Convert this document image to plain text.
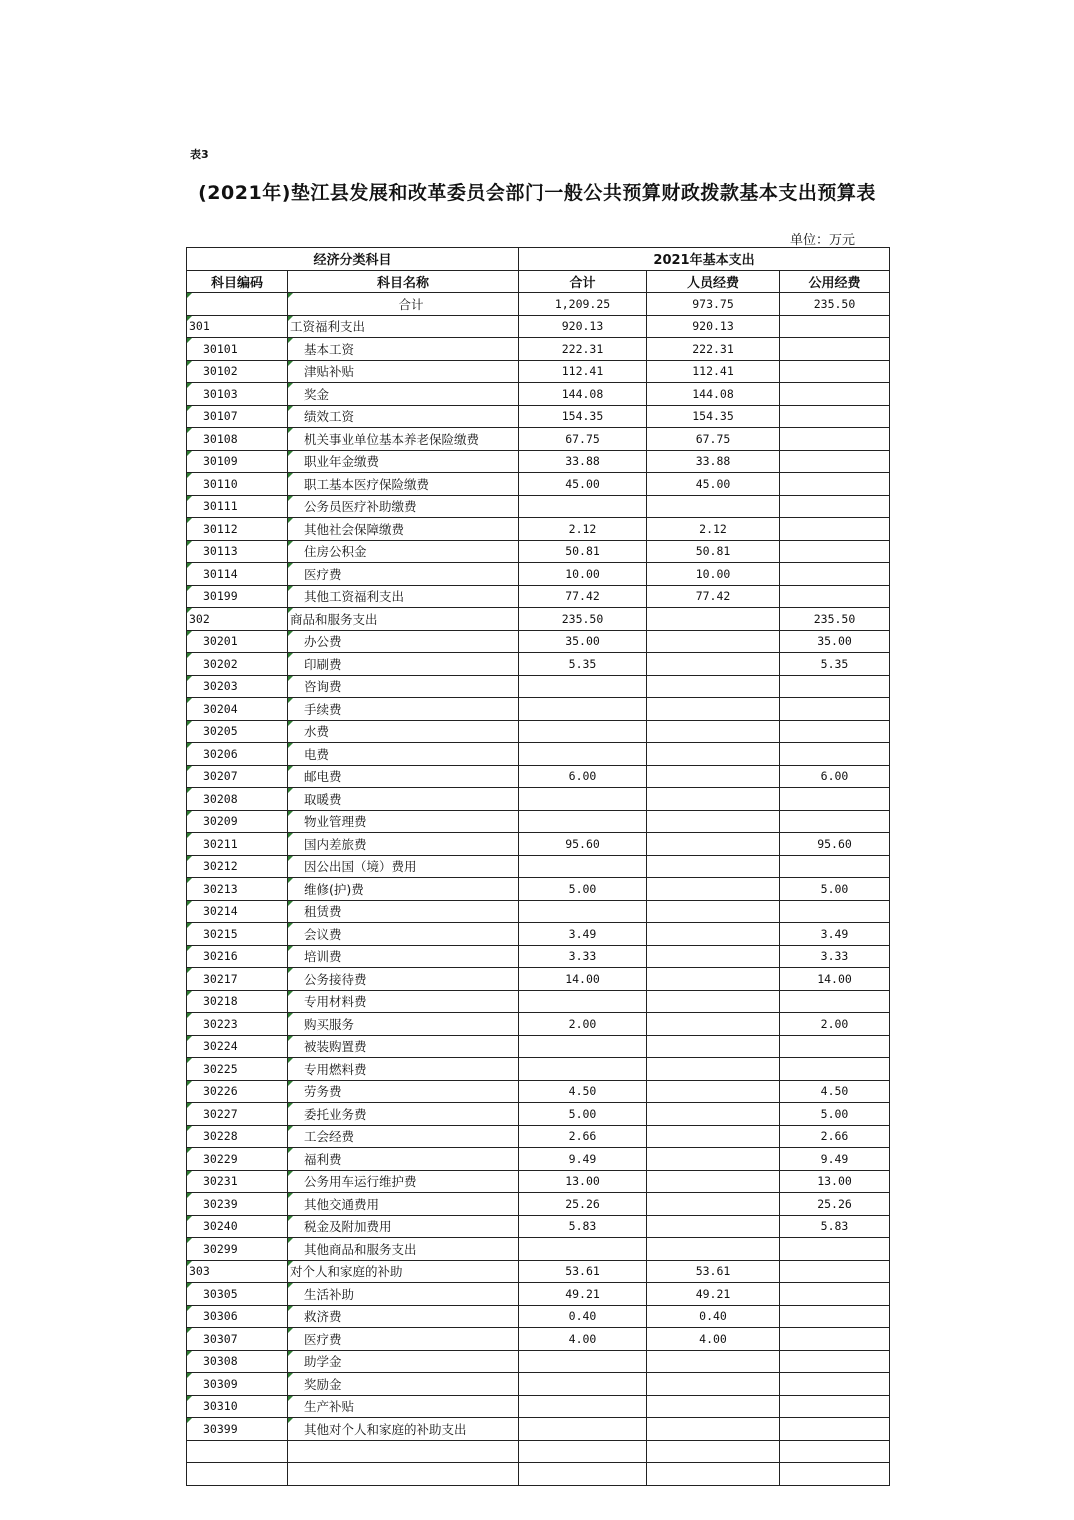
表3
(2021年)垫江县发展和改革委员会部门一般公共预算财政拨款基本支出预算表
单位：万元
经济分类科目		2021年基本支出		
科目编码	科目名称	合计	人员经费	公用经费
	合计	1,209.25	973.75	235.50
301	工资福利支出	920.13	920.13	
30101	基本工资	222.31	222.31	
30102	津贴补贴	112.41	112.41	
30103	奖金	144.08	144.08	
30107	绩效工资	154.35	154.35	
30108	机关事业单位基本养老保险缴费	67.75	67.75	
30109	职业年金缴费	33.88	33.88	
30110	职工基本医疗保险缴费	45.00	45.00	
30111	公务员医疗补助缴费			
30112	其他社会保障缴费	2.12	2.12	
30113	住房公积金	50.81	50.81	
30114	医疗费	10.00	10.00	
30199	其他工资福利支出	77.42	77.42	
302	商品和服务支出	235.50		235.50
30201	办公费	35.00		35.00
30202	印刷费	5.35		5.35
30203	咨询费			
30204	手续费			
30205	水费			
30206	电费			
30207	邮电费	6.00		6.00
30208	取暖费			
30209	物业管理费			
30211	国内差旅费	95.60		95.60
30212	因公出国（境）费用			
30213	维修(护)费	5.00		5.00
30214	租赁费			
30215	会议费	3.49		3.49
30216	培训费	3.33		3.33
30217	公务接待费	14.00		14.00
30218	专用材料费			
30223	购买服务	2.00		2.00
30224	被装购置费			
30225	专用燃料费			
30226	劳务费	4.50		4.50
30227	委托业务费	5.00		5.00
30228	工会经费	2.66		2.66
30229	福利费	9.49		9.49
30231	公务用车运行维护费	13.00		13.00
30239	其他交通费用	25.26		25.26
30240	税金及附加费用	5.83		5.83
30299	其他商品和服务支出			
303	对个人和家庭的补助	53.61	53.61	
30305	生活补助	49.21	49.21	
30306	救济费	0.40	0.40	
30307	医疗费	4.00	4.00	
30308	助学金			
30309	奖励金			
30310	生产补贴			
30399	其他对个人和家庭的补助支出			
